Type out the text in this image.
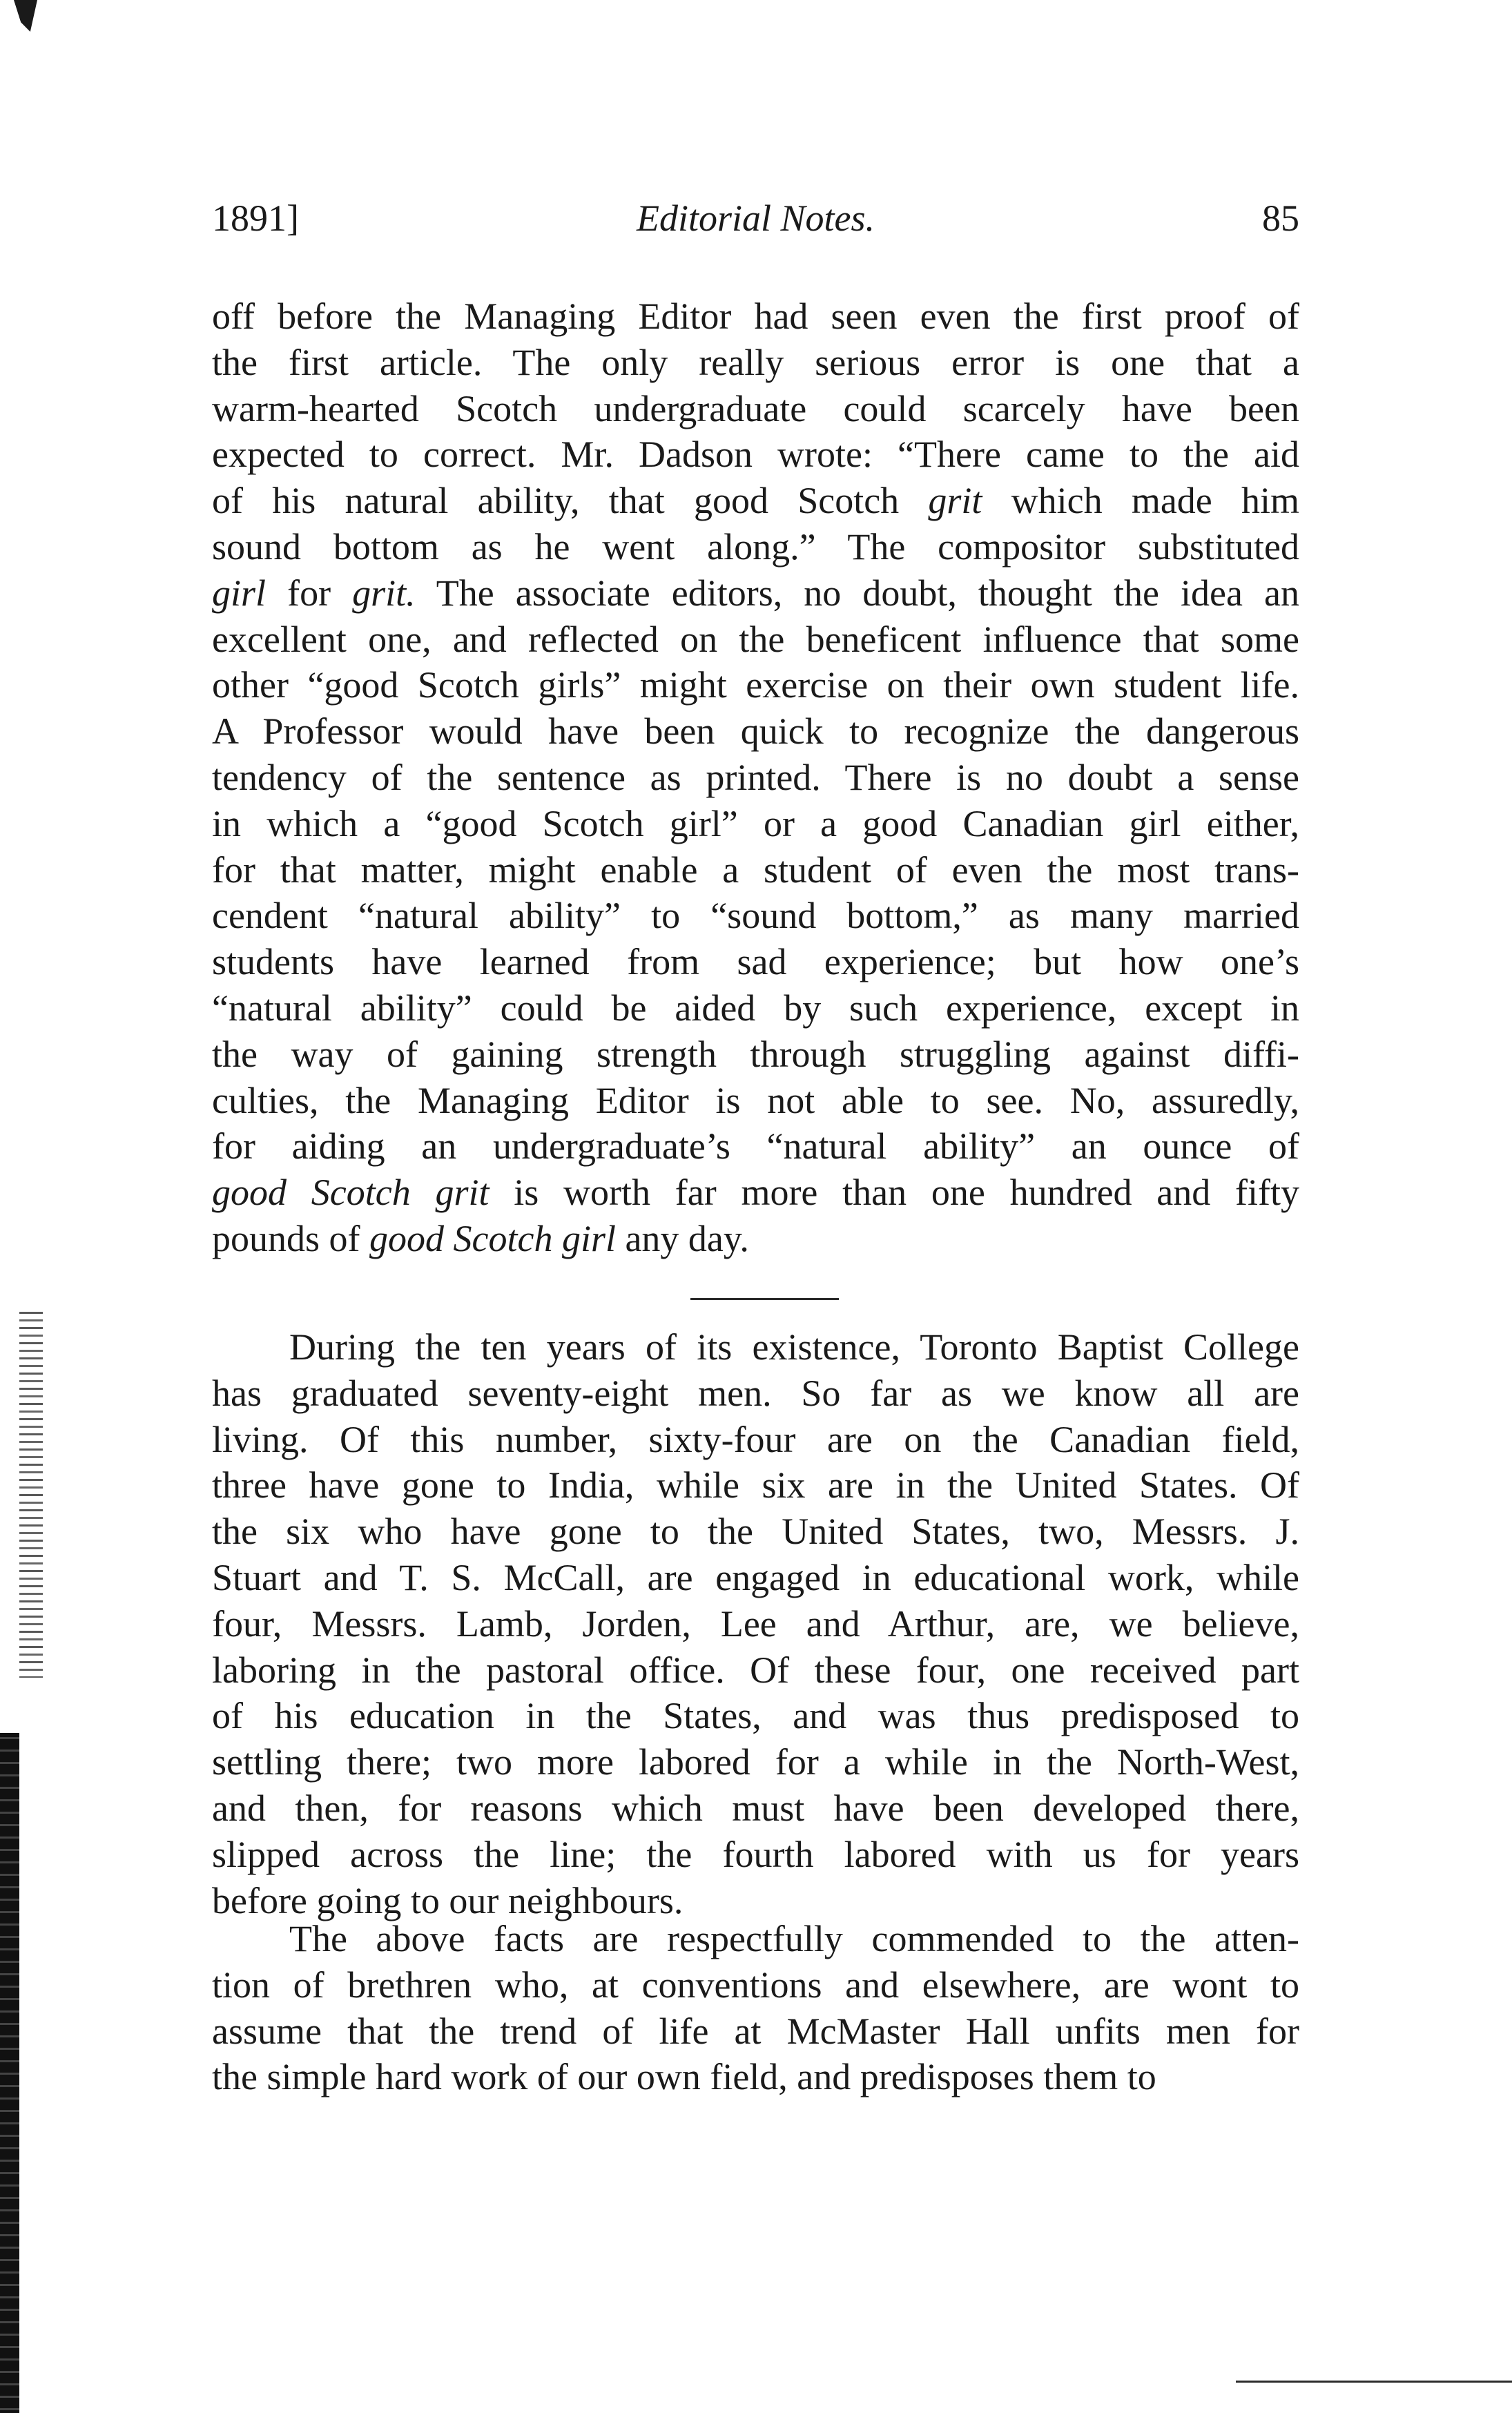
1891]	Editorial Notes.	85
off before the Managing Editor had seen even the first proof of
the first article. The only really serious error is one that a
warm-hearted Scotch undergraduate could scarcely have been
expected to correct. Mr. Dadson wrote: “There came to the aid
of his natural ability, that good Scotch grit which made him
sound bottom as he went along.” The compositor substituted
girl for grit. The associate editors, no doubt, thought the idea an
excellent one, and reflected on the beneficent influence that some
other “good Scotch girls” might exercise on their own student life.
A Professor would have been quick to recognize the dangerous
tendency of the sentence as printed. There is no doubt a sense
in which a “good Scotch girl” or a good Canadian girl either,
for that matter, might enable a student of even the most trans-
cendent “natural ability” to “sound bottom,” as many married
students have learned from sad experience; but how one’s
“natural ability” could be aided by such experience, except in
the way of gaining strength through struggling against diffi-
culties, the Managing Editor is not able to see. No, assuredly,
for aiding an undergraduate’s “natural ability” an ounce of
good Scotch grit is worth far more than one hundred and fifty
pounds of good Scotch girl any day.
During the ten years of its existence, Toronto Baptist College
has graduated seventy-eight men. So far as we know all are
living. Of this number, sixty-four are on the Canadian field,
three have gone to India, while six are in the United States. Of
the six who have gone to the United States, two, Messrs. J.
Stuart and T. S. McCall, are engaged in educational work, while
four, Messrs. Lamb, Jorden, Lee and Arthur, are, we believe,
laboring in the pastoral office. Of these four, one received part
of his education in the States, and was thus predisposed to
settling there; two more labored for a while in the North-West,
and then, for reasons which must have been developed there,
slipped across the line; the fourth labored with us for years
before going to our neighbours.
The above facts are respectfully commended to the atten-
tion of brethren who, at conventions and elsewhere, are wont to
assume that the trend of life at McMaster Hall unfits men for
the simple hard work of our own field, and predisposes them to
